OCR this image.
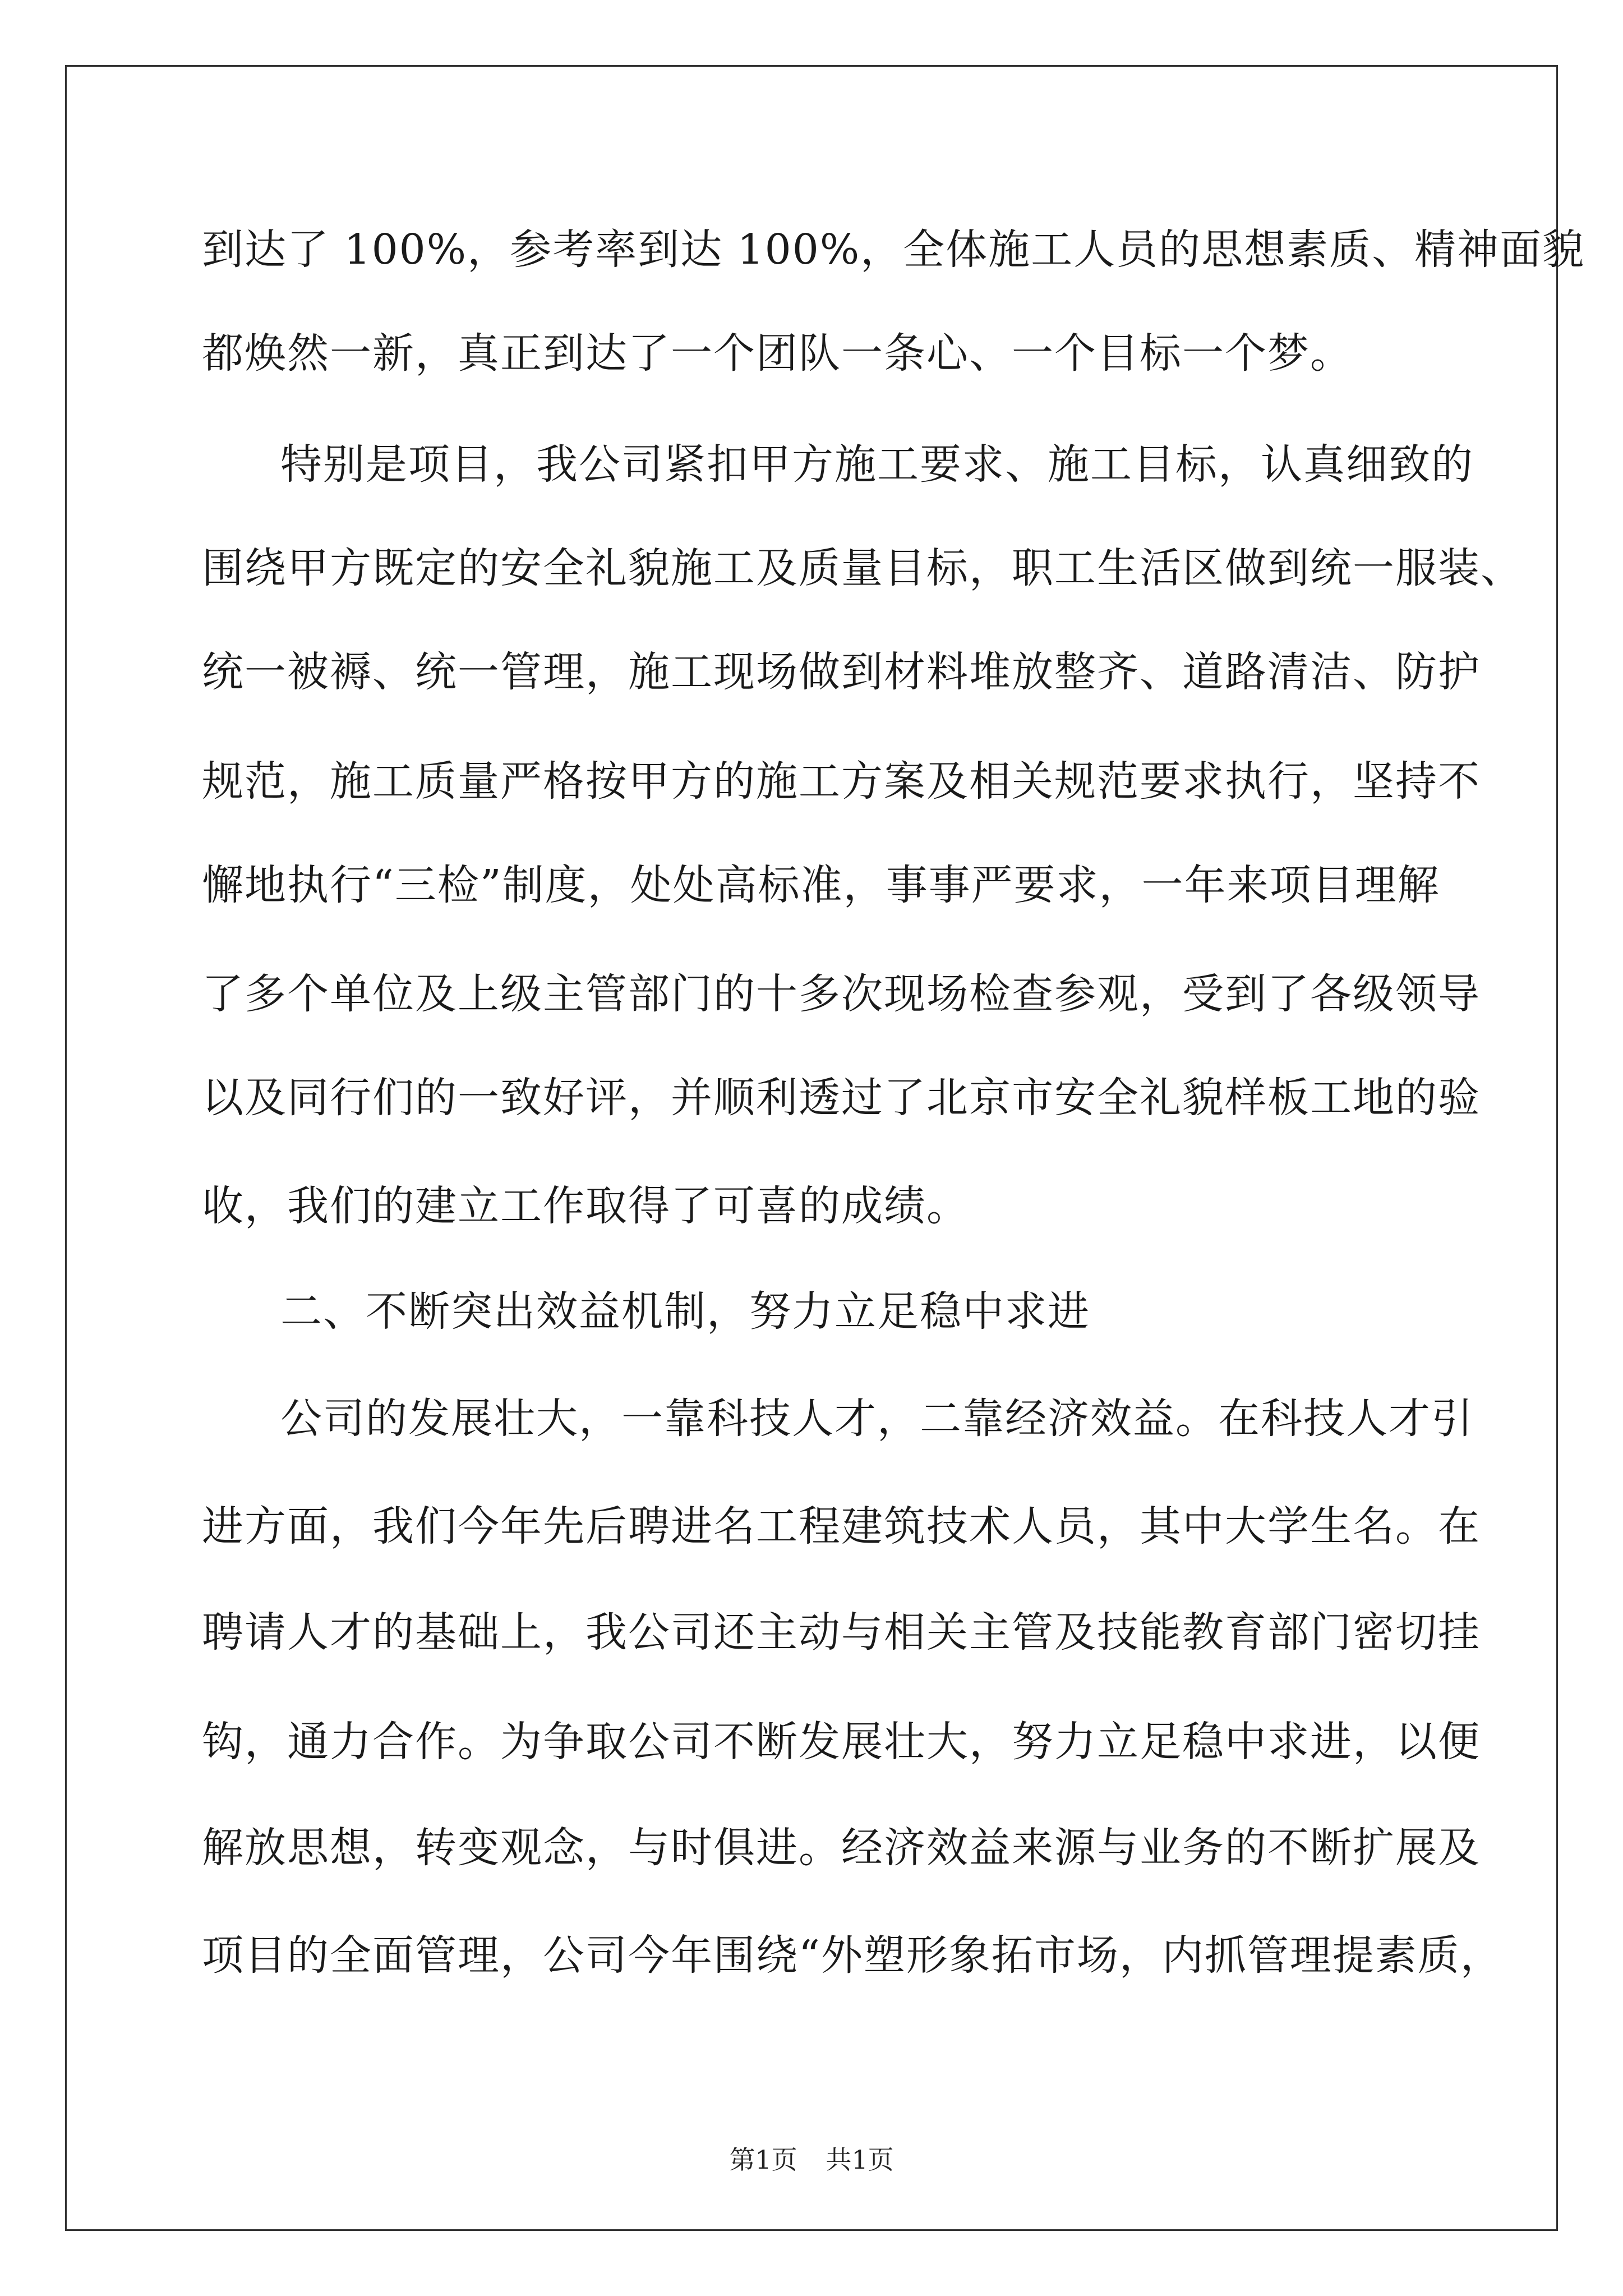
到达了 100%，参考率到达 100%，全体施工人员的思想素质、精神面貌
都焕然一新，真正到达了一个团队一条心、一个目标一个梦。
特别是项目，我公司紧扣甲方施工要求、施工目标，认真细致的
围绕甲方既定的安全礼貌施工及质量目标，职工生活区做到统一服装、
统一被褥、统一管理，施工现场做到材料堆放整齐、道路清洁、防护
规范，施工质量严格按甲方的施工方案及相关规范要求执行，坚持不
懈地执行“三检”制度，处处高标准，事事严要求，一年来项目理解
了多个单位及上级主管部门的十多次现场检查参观，受到了各级领导
以及同行们的一致好评，并顺利透过了北京市安全礼貌样板工地的验
收，我们的建立工作取得了可喜的成绩。
二、不断突出效益机制，努力立足稳中求进
公司的发展壮大，一靠科技人才，二靠经济效益。在科技人才引
进方面，我们今年先后聘进名工程建筑技术人员，其中大学生名。在
聘请人才的基础上，我公司还主动与相关主管及技能教育部门密切挂
钩，通力合作。为争取公司不断发展壮大，努力立足稳中求进，以便
解放思想，转变观念，与时俱进。经济效益来源与业务的不断扩展及
项目的全面管理，公司今年围绕“外塑形象拓市场，内抓管理提素质，
第1页 共1页
